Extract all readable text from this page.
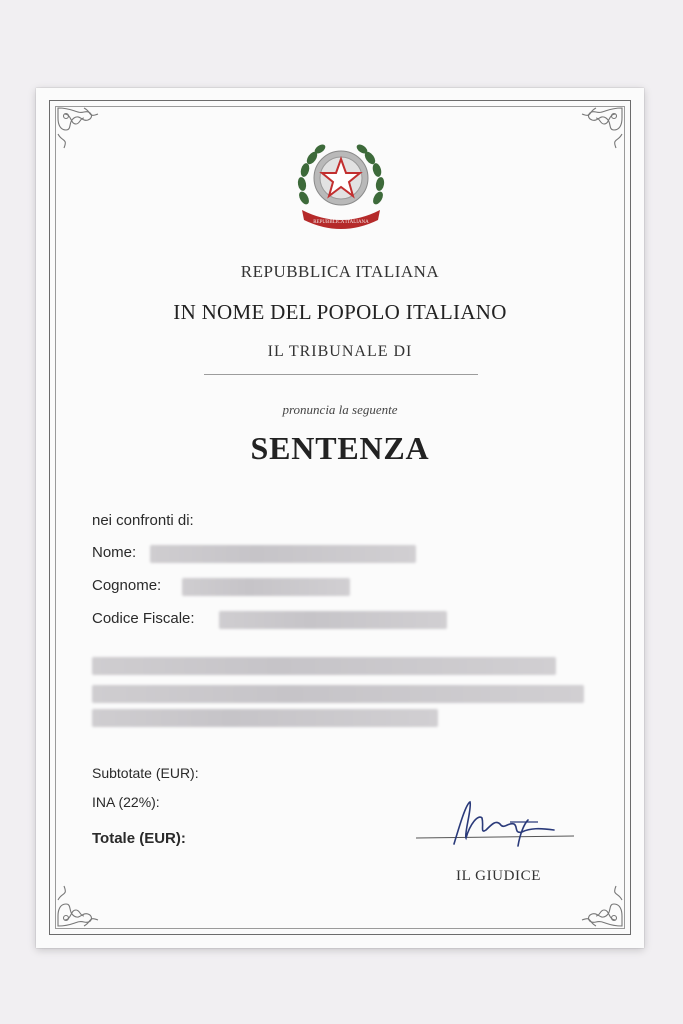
REPUBBLICA ITALIANA
REPUBBLICA ITALIANA
IN NOME DEL POPOLO ITALIANO
IL TRIBUNALE DI
pronuncia la seguente
SENTENZA
nei confronti di:
Nome:
Cognome:
Codice Fiscale:
Subtotate (EUR):
INA (22%):
Totale (EUR):
IL GIUDICE
